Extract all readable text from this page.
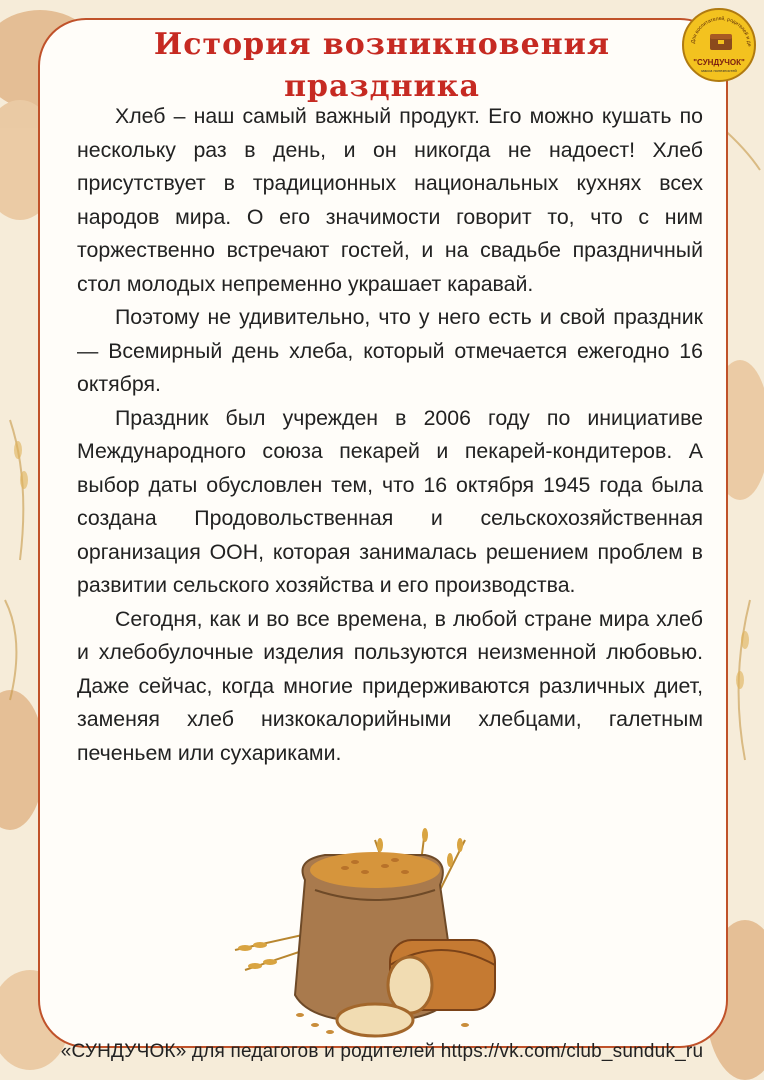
История возникновения
праздника
Для воспитателей, родителей и де
"СУНДУЧОК"
масса полезностей

Хлеб – наш самый важный продукт. Его можно кушать по нескольку раз в день, и он никогда не надоест! Хлеб присутствует в традиционных национальных кухнях всех народов мира. О его значимости говорит то, что с ним торжественно встречают гостей, и на свадьбе праздничный стол молодых непременно украшает каравай.

Поэтому не удивительно, что у него есть и свой праздник — Всемирный день хлеба, который отмечается ежегодно 16 октября.

Праздник был учрежден в 2006 году по инициативе Международного союза пекарей и пекарей-кондитеров. А выбор даты обусловлен тем, что 16 октября 1945 года была создана Продовольственная и сельскохозяйственная организация ООН, которая занималась решением проблем в развитии сельского хозяйства и его производства.

Сегодня, как и во все времена, в любой стране мира хлеб и хлебобулочные изделия пользуются неизменной любовью. Даже сейчас, когда многие придерживаются различных диет, заменяя хлеб низкокалорийными хлебцами, галетным печеньем или сухариками.

«СУНДУЧОК» для педагогов и родителей https://vk.com/club_sunduk_ru
